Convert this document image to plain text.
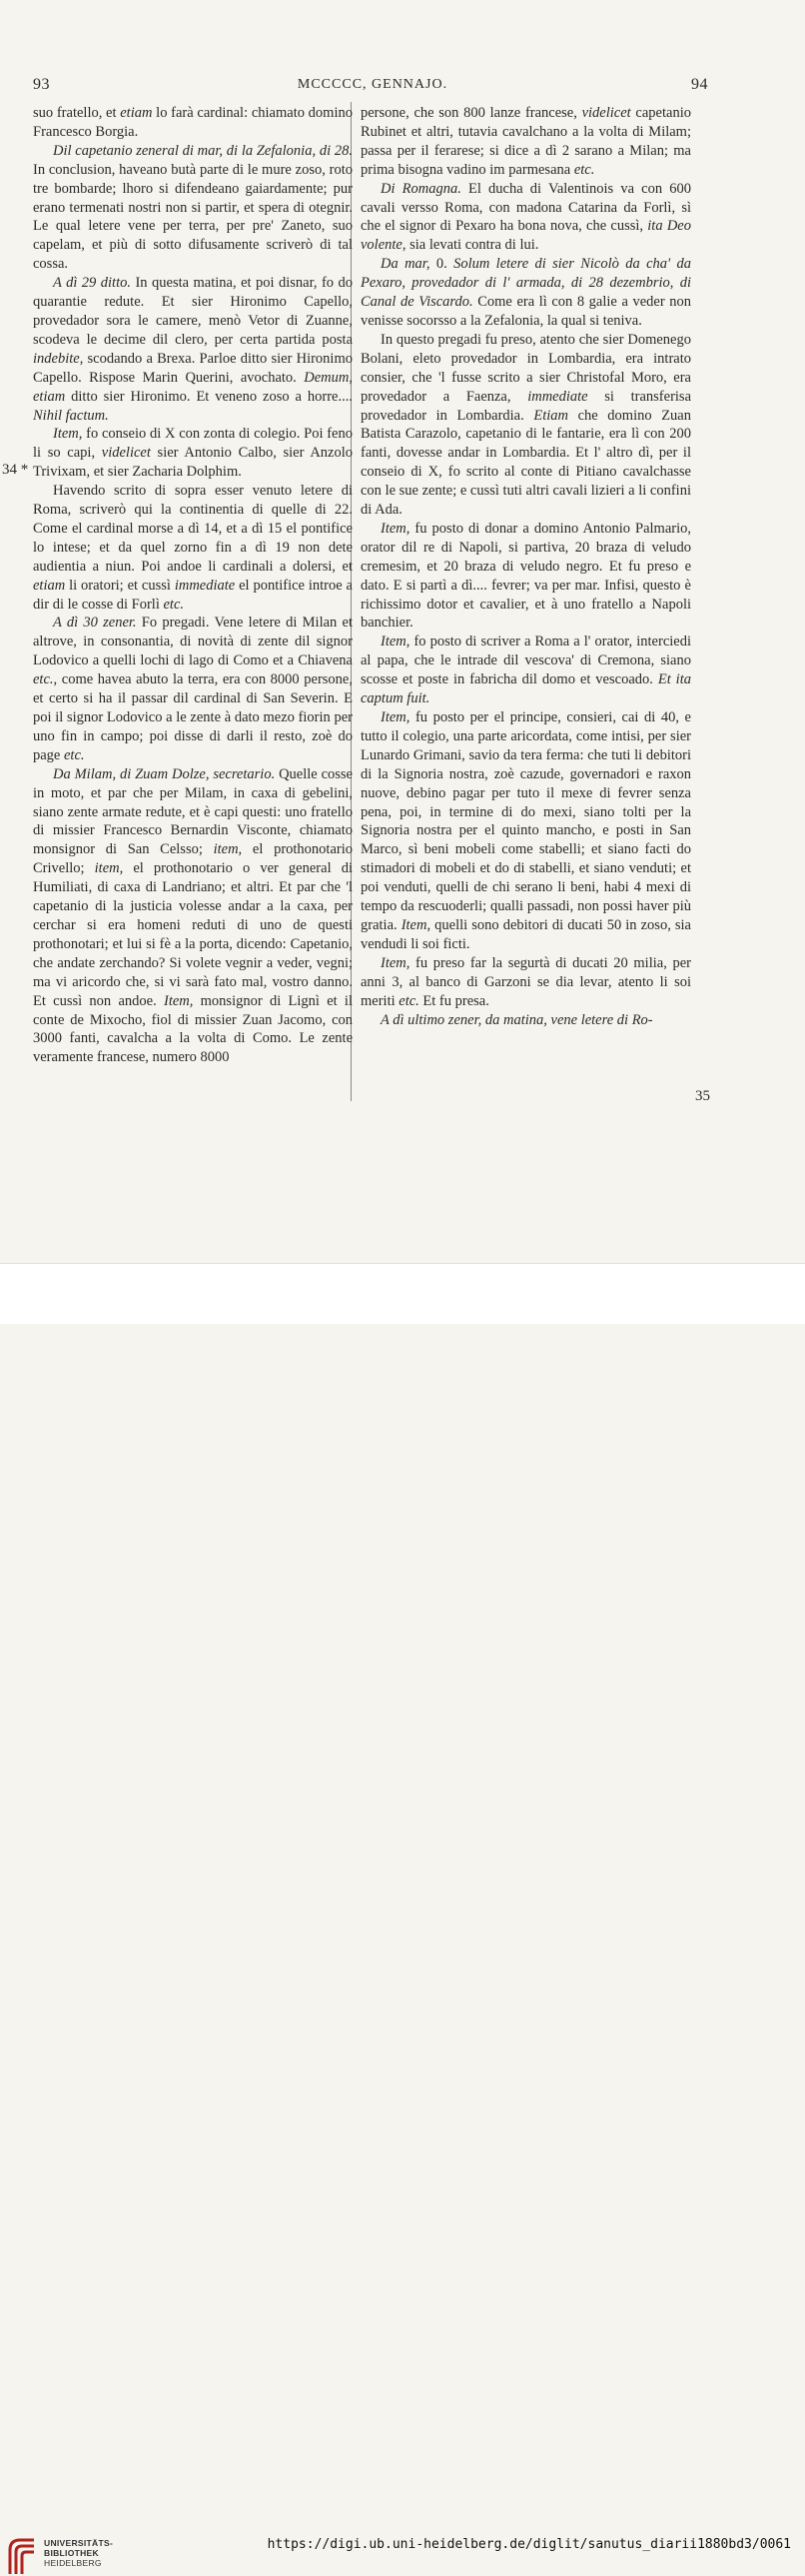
93	MCCCCC, GENNAJO.	94
34 *
35

suo fratello, et etiam lo farà cardinal: chiamato domino Francesco Borgia.

Dil capetanio zeneral di mar, di la Zefalonia, di 28. In conclusion, haveano butà parte di le mure zoso, roto tre bombarde; lhoro si difendeano gaiardamente; pur erano termenati nostri non si partir, et spera di otegnir. Le qual letere vene per terra, per pre' Zaneto, suo capelam, et più di sotto difusamente scriverò di tal cossa.

A dì 29 ditto. In questa matina, et poi disnar, fo do quarantie redute. Et sier Hironimo Capello, provedador sora le camere, menò Vetor di Zuanne, scodeva le decime dil clero, per certa partida posta indebite, scodando a Brexa. Parloe ditto sier Hironimo Capello. Rispose Marin Querini, avochato. Demum, etiam ditto sier Hironimo. Et veneno zoso a horre.... Nihil factum.

Item, fo conseio di X con zonta di colegio. Poi feno li so capi, videlicet sier Antonio Calbo, sier Anzolo Trivixam, et sier Zacharia Dolphim.

Havendo scrito di sopra esser venuto letere di Roma, scriverò qui la continentia di quelle di 22. Come el cardinal morse a dì 14, et a dì 15 el pontifice lo intese; et da quel zorno fin a dì 19 non dete audientia a niun. Poi andoe li cardinali a dolersi, et etiam li oratori; et cussì immediate el pontifice introe a dir di le cosse di Forlì etc.

A dì 30 zener. Fo pregadi. Vene letere di Milan et altrove, in consonantia, di novità di zente dil signor Lodovico a quelli lochi di lago di Como et a Chiavena etc., come havea abuto la terra, era con 8000 persone, et certo si ha il passar dil cardinal di San Severin. E poi il signor Lodovico a le zente à dato mezo fiorin per uno fin in campo; poi disse di darli il resto, zoè do page etc.

Da Milam, di Zuam Dolze, secretario. Quelle cosse in moto, et par che per Milam, in caxa di gebelini, siano zente armate redute, et è capi questi: uno fratello di missier Francesco Bernardin Visconte, chiamato monsignor di San Celsso; item, el prothonotario Crivello; item, el prothonotario o ver general di Humiliati, di caxa di Landriano; et altri. Et par che 'l capetanio di la justicia volesse andar a la caxa, per cerchar si era homeni reduti di uno de questi prothonotari; et lui si fè a la porta, dicendo: Capetanio, che andate zerchando? Si volete vegnir a veder, vegni; ma vi aricordo che, si vi sarà fato mal, vostro danno. Et cussì non andoe. Item, monsignor di Lignì et il conte de Mixocho, fiol di missier Zuan Jacomo, con 3000 fanti, cavalcha a la volta di Como. Le zente veramente francese, numero 8000

persone, che son 800 lanze francese, videlicet capetanio Rubinet et altri, tutavia cavalchano a la volta di Milam; passa per il ferarese; si dice a dì 2 sarano a Milan; ma prima bisogna vadino im parmesana etc.

Di Romagna. El ducha di Valentinois va con 600 cavali versso Roma, con madona Catarina da Forlì, sì che el signor di Pexaro ha bona nova, che cussì, ita Deo volente, sia levati contra di lui.

Da mar, 0. Solum letere di sier Nicolò da cha' da Pexaro, provedador di l' armada, di 28 dezembrio, di Canal de Viscardo. Come era lì con 8 galie a veder non venisse socorsso a la Zefalonia, la qual si teniva.

In questo pregadi fu preso, atento che sier Domenego Bolani, eleto provedador in Lombardia, era intrato consier, che 'l fusse scrito a sier Christofal Moro, era provedador a Faenza, immediate si transferisa provedador in Lombardia. Etiam che domino Zuan Batista Carazolo, capetanio di le fantarie, era lì con 200 fanti, dovesse andar in Lombardia. Et l' altro dì, per il conseio di X, fo scrito al conte di Pitiano cavalchasse con le sue zente; e cussì tuti altri cavali lizieri a li confini di Ada.

Item, fu posto di donar a domino Antonio Palmario, orator dil re di Napoli, si partiva, 20 braza di veludo cremesim, et 20 braza di veludo negro. Et fu preso e dato. E si partì a dì.... fevrer; va per mar. Infisi, questo è richissimo dotor et cavalier, et à uno fratello a Napoli banchier.

Item, fo posto di scriver a Roma a l' orator, interciedi al papa, che le intrade dil vescova' di Cremona, siano scosse et poste in fabricha dil domo et vescoado. Et ita captum fuit.

Item, fu posto per el principe, consieri, cai di 40, e tutto il colegio, una parte aricordata, come intisi, per sier Lunardo Grimani, savio da tera ferma: che tuti li debitori di la Signoria nostra, zoè cazude, governadori e raxon nuove, debino pagar per tuto il mexe di fevrer senza pena, poi, in termine di do mexi, siano tolti per la Signoria nostra per el quinto mancho, e posti in San Marco, sì beni mobeli come stabelli; et siano facti do stimadori di mobeli et do di stabelli, et siano venduti; et poi venduti, quelli de chi serano li beni, habi 4 mexi di tempo da rescuoderli; qualli passadi, non possi haver più gratia. Item, quelli sono debitori di ducati 50 in zoso, sia vendudi li soi ficti.

Item, fu preso far la segurtà di ducati 20 milia, per anni 3, al banco di Garzoni se dia levar, atento li soi meriti etc. Et fu presa.

A dì ultimo zener, da matina, vene letere di Ro-

UNIVERSITÄTS-
BIBLIOTHEK
HEIDELBERG
https://digi.ub.uni-heidelberg.de/diglit/sanutus_diarii1880bd3/0061
